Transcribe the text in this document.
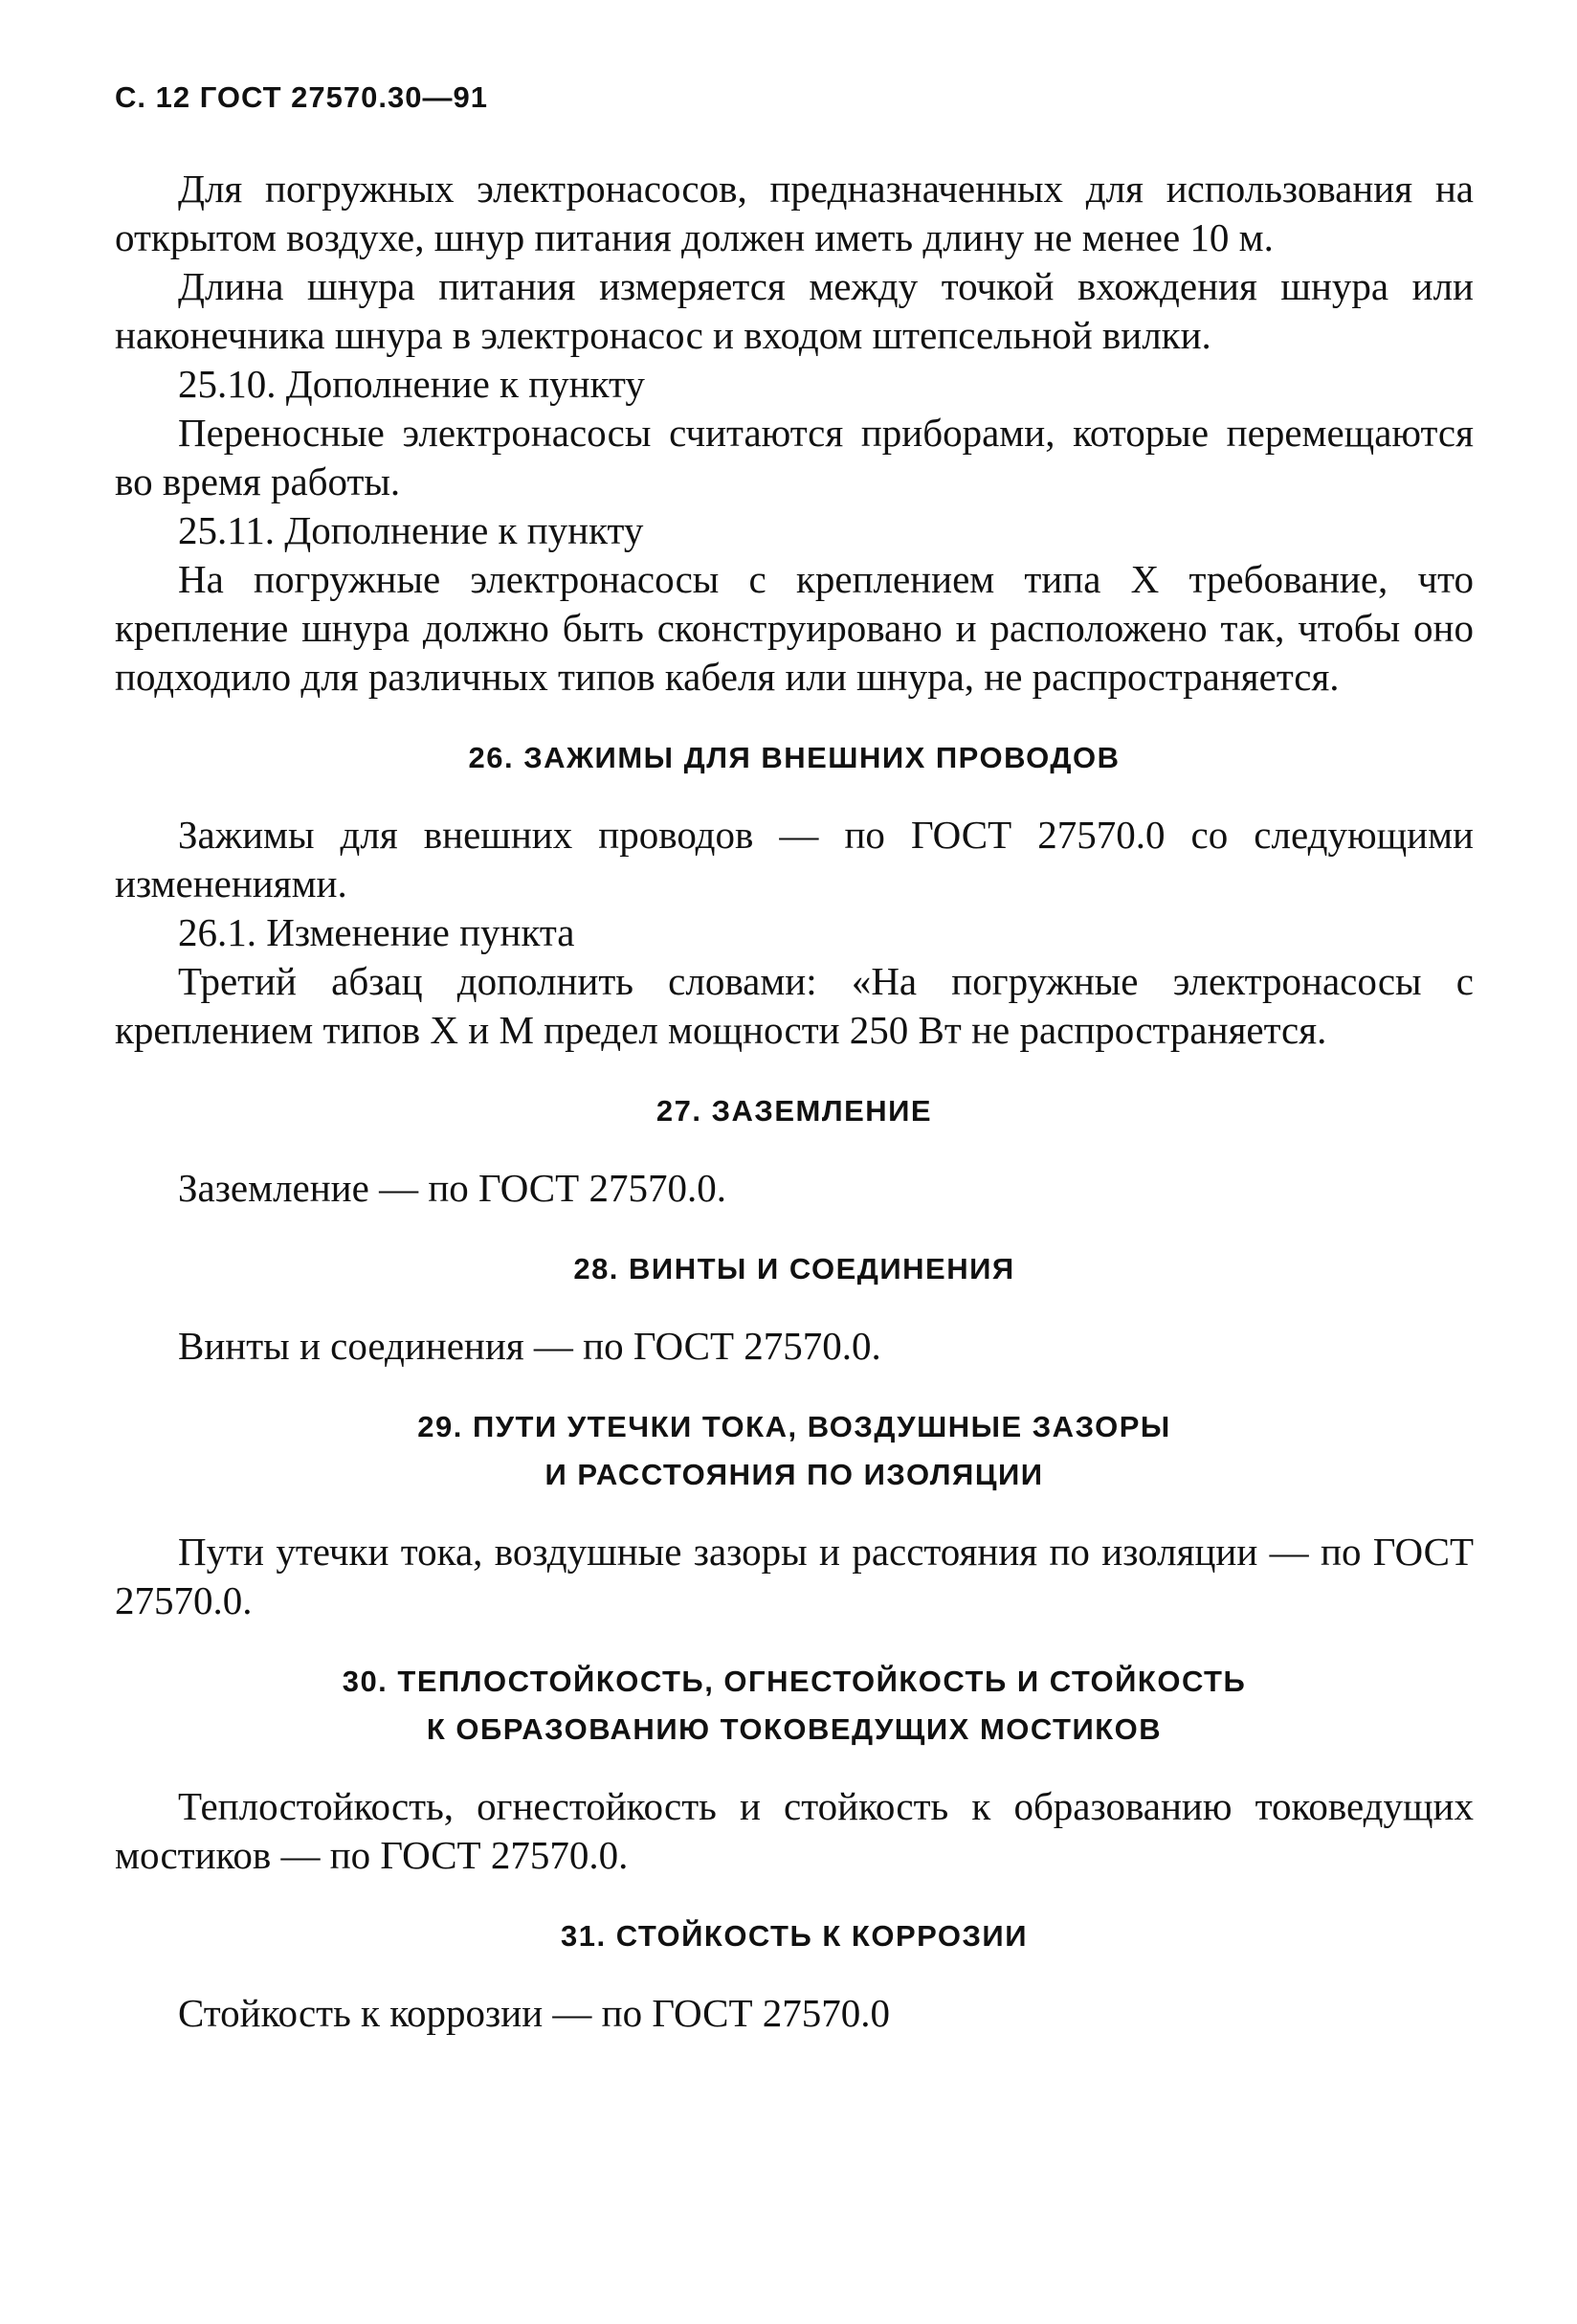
С. 12 ГОСТ 27570.30—91

Для погружных электронасосов, предназначенных для использования на открытом воздухе, шнур питания должен иметь длину не менее 10 м.

Длина шнура питания измеряется между точкой вхождения шнура или наконечника шнура в электронасос и входом штепсельной вилки.

25.10. Дополнение к пункту

Переносные электронасосы считаются приборами, которые перемещаются во время работы.

25.11. Дополнение к пункту

На погружные электронасосы с креплением типа X требование, что крепление шнура должно быть сконструировано и расположено так, чтобы оно подходило для различных типов кабеля или шнура, не распространяется.

26. ЗАЖИМЫ ДЛЯ ВНЕШНИХ ПРОВОДОВ

Зажимы для внешних проводов — по ГОСТ 27570.0 со следующими изменениями.

26.1. Изменение пункта

Третий абзац дополнить словами: «На погружные электронасосы с креплением типов X и M предел мощности 250 Вт не распространяется.

27. ЗАЗЕМЛЕНИЕ

Заземление — по ГОСТ 27570.0.

28. ВИНТЫ И СОЕДИНЕНИЯ

Винты и соединения — по ГОСТ 27570.0.

29. ПУТИ УТЕЧКИ ТОКА, ВОЗДУШНЫЕ ЗАЗОРЫ
И РАССТОЯНИЯ ПО ИЗОЛЯЦИИ

Пути утечки тока, воздушные зазоры и расстояния по изоляции — по ГОСТ 27570.0.

30. ТЕПЛОСТОЙКОСТЬ, ОГНЕСТОЙКОСТЬ И СТОЙКОСТЬ
К ОБРАЗОВАНИЮ ТОКОВЕДУЩИХ МОСТИКОВ

Теплостойкость, огнестойкость и стойкость к образованию токоведущих мостиков — по ГОСТ 27570.0.

31. СТОЙКОСТЬ К КОРРОЗИИ

Стойкость к коррозии — по ГОСТ 27570.0
